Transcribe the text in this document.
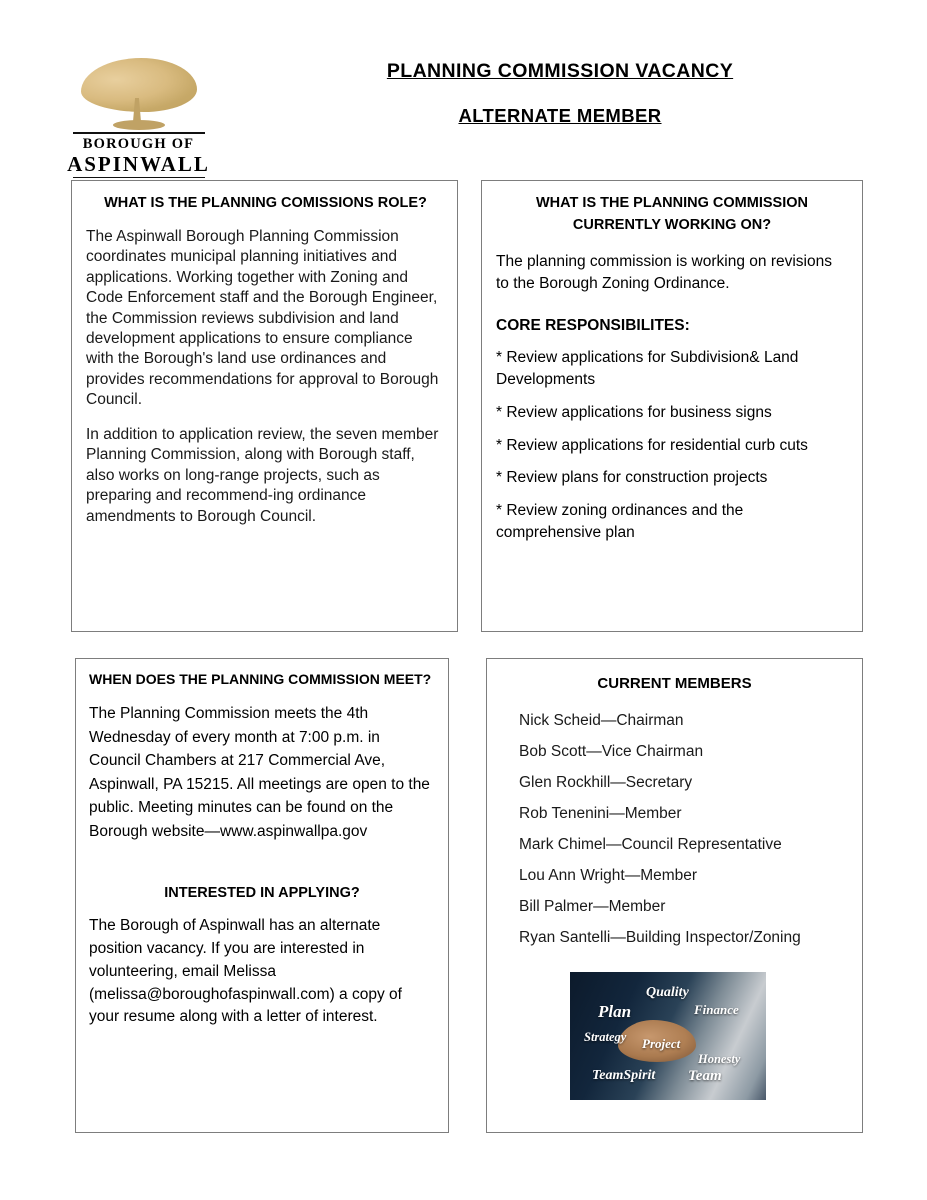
BOROUGH OF
ASPINWALL
PLANNING COMMISSION VACANCY
ALTERNATE MEMBER
WHAT IS THE PLANNING COMISSIONS ROLE?

The Aspinwall Borough Planning Commission coordinates municipal planning initiatives and applications. Working together with Zoning and Code Enforcement staff and the Borough Engineer, the Commission reviews subdivision and land development applications to ensure compliance with the Borough's land use ordinances and provides recommendations for approval to Borough Council.

In addition to application review, the seven member Planning Commission, along with Borough staff, also works on long-range projects, such as preparing and recommend-ing ordinance amendments to Borough Council.

WHAT IS THE PLANNING COMMISSION
CURRENTLY WORKING ON?
The planning commission is working on revisions to the Borough Zoning Ordinance.
CORE RESPONSIBILITES:
* Review applications for Subdivision& Land Developments
* Review applications for business signs
* Review applications for residential curb cuts
* Review plans for construction projects
* Review zoning ordinances and the comprehensive plan
WHEN DOES THE PLANNING COMMISSION MEET?
The Planning Commission meets the 4th Wednesday of every month at 7:00 p.m. in Council Chambers at 217 Commercial Ave, Aspinwall, PA 15215. All meetings are open to the public. Meeting minutes can be found on the Borough website—www.aspinwallpa.gov
INTERESTED IN APPLYING?
The Borough of Aspinwall has an alternate position vacancy. If you are interested in volunteering, email Melissa (melissa@boroughofaspinwall.com) a copy of your resume along with a letter of interest.
CURRENT MEMBERS
Nick Scheid—Chairman
Bob Scott—Vice Chairman
Glen Rockhill—Secretary
Rob Tenenini—Member
Mark Chimel—Council Representative
Lou Ann Wright—Member
Bill Palmer—Member
Ryan Santelli—Building Inspector/Zoning
Plan
Quality
Finance
Strategy Project
Honesty
TeamSpirit Team
